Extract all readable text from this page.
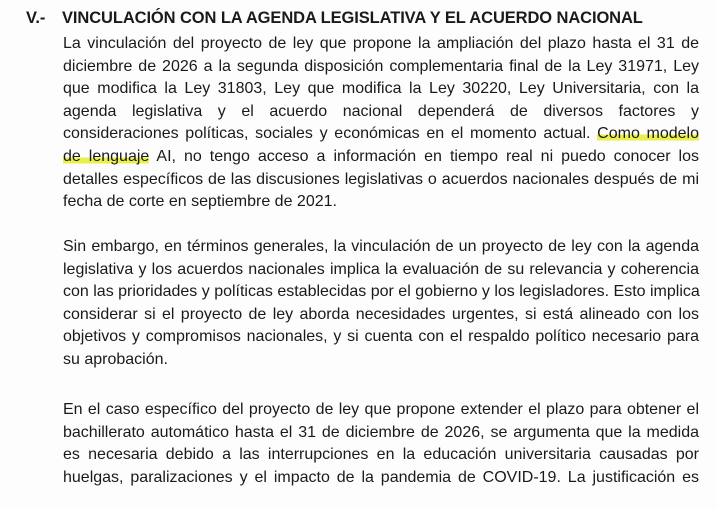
V.-	VINCULACIÓN CON LA AGENDA LEGISLATIVA Y EL ACUERDO NACIONAL
La vinculación del proyecto de ley que propone la ampliación del plazo hasta el 31 de
diciembre de 2026 a la segunda disposición complementaria final de la Ley 31971, Ley
que modifica la Ley 31803, Ley que modifica la Ley 30220, Ley Universitaria, con la
agenda legislativa y el acuerdo nacional dependerá de diversos factores y
consideraciones políticas, sociales y económicas en el momento actual. Como modelo
de lenguaje AI, no tengo acceso a información en tiempo real ni puedo conocer los
detalles específicos de las discusiones legislativas o acuerdos nacionales después de mi
fecha de corte en septiembre de 2021.
Sin embargo, en términos generales, la vinculación de un proyecto de ley con la agenda
legislativa y los acuerdos nacionales implica la evaluación de su relevancia y coherencia
con las prioridades y políticas establecidas por el gobierno y los legisladores. Esto implica
considerar si el proyecto de ley aborda necesidades urgentes, si está alineado con los
objetivos y compromisos nacionales, y si cuenta con el respaldo político necesario para
su aprobación.
En el caso específico del proyecto de ley que propone extender el plazo para obtener el
bachillerato automático hasta el 31 de diciembre de 2026, se argumenta que la medida
es necesaria debido a las interrupciones en la educación universitaria causadas por
huelgas, paralizaciones y el impacto de la pandemia de COVID-19. La justificación es
